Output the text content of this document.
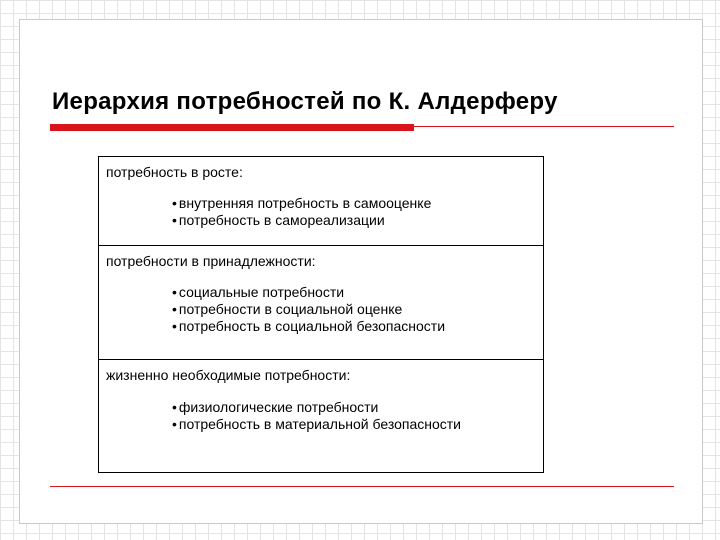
Иерархия потребностей по К. Алдерферу
потребность в росте:
• внутренняя потребность в самооценке
• потребность в самореализации
потребности в принадлежности:
• социальные потребности
• потребности в социальной оценке
• потребность в социальной безопасности
жизненно необходимые потребности:
• физиологические потребности
• потребность в материальной безопасности
